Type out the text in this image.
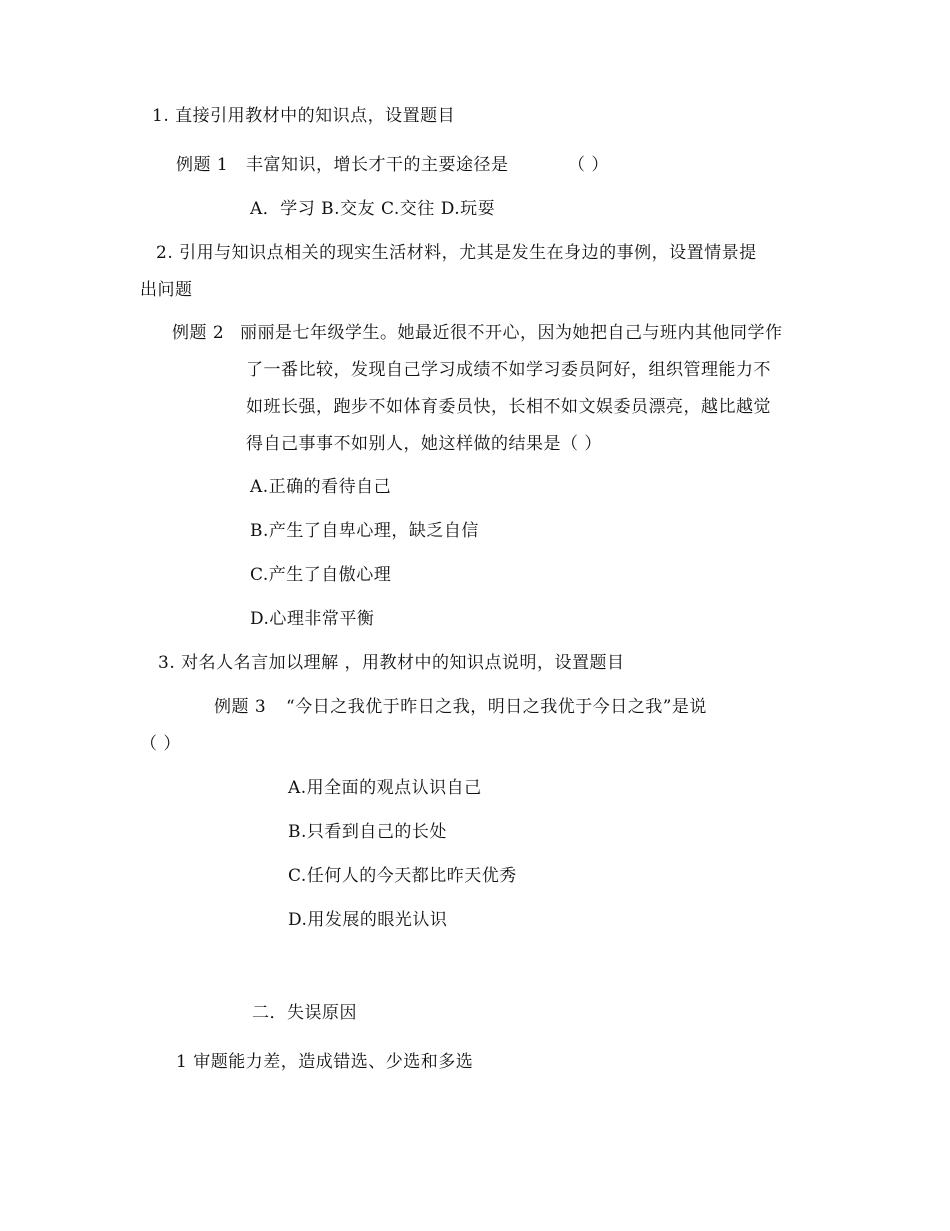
1. 直接引用教材中的知识点，设置题目
例题 1 丰富知识，增长才干的主要途径是	（ ）
A．学习 B.交友 C.交往 D.玩耍
2. 引用与知识点相关的现实生活材料，尤其是发生在身边的事例，设置情景提
出问题
例题 2 丽丽是七年级学生。她最近很不开心，因为她把自己与班内其他同学作
了一番比较，发现自己学习成绩不如学习委员阿好，组织管理能力不
如班长强，跑步不如体育委员快，长相不如文娱委员漂亮，越比越觉
得自己事事不如别人，她这样做的结果是（ ）
A.正确的看待自己
B.产生了自卑心理，缺乏自信
C.产生了自傲心理
D.心理非常平衡
3. 对名人名言加以理解 ，用教材中的知识点说明，设置题目
例题 3 “今日之我优于昨日之我，明日之我优于今日之我”是说
（ ）
A.用全面的观点认识自己
B.只看到自己的长处
C.任何人的今天都比昨天优秀
D.用发展的眼光认识
二．失误原因
1 审题能力差，造成错选、少选和多选
